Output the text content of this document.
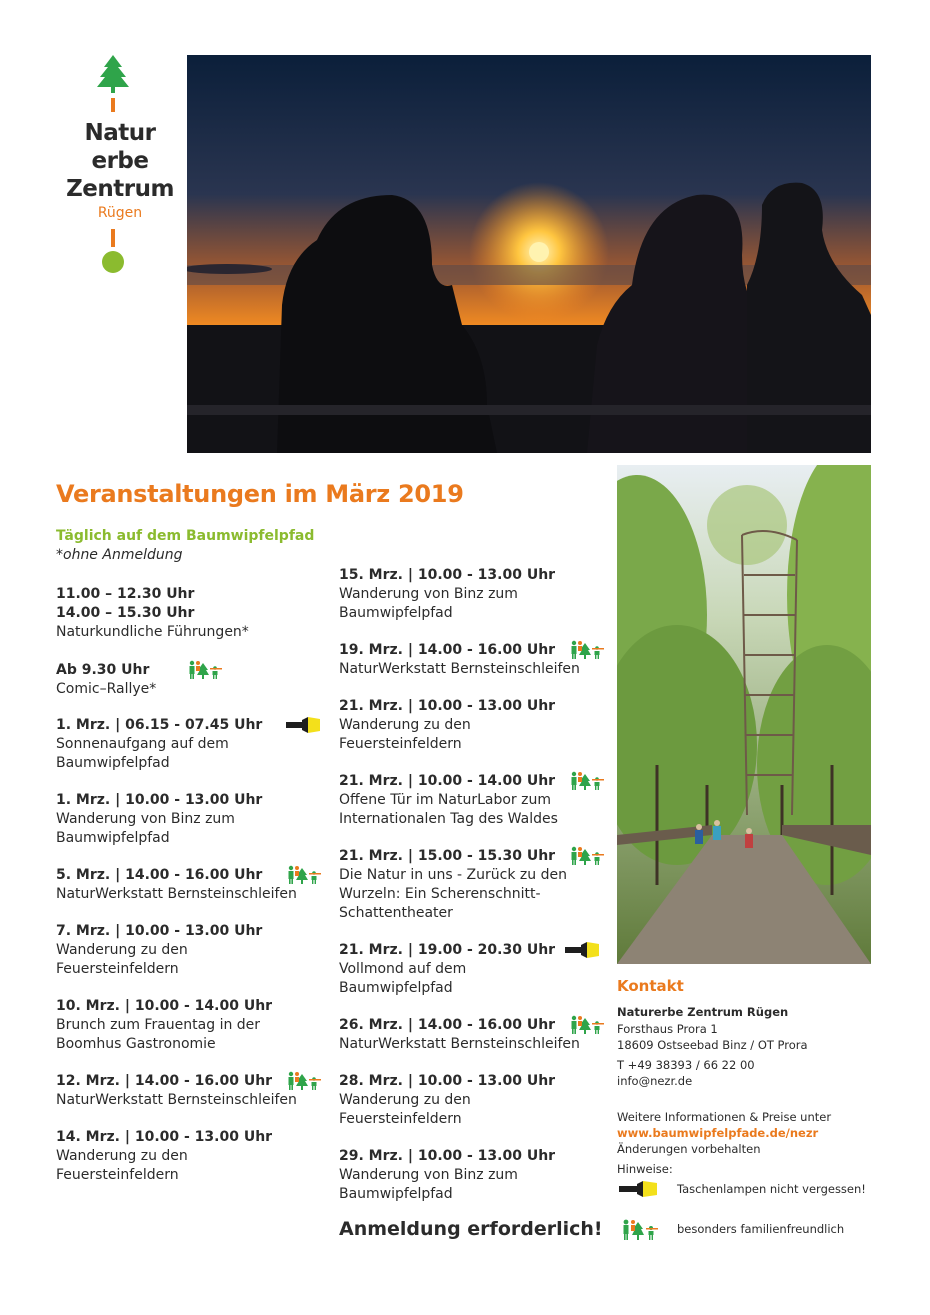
Natur
erbe
Zentrum
Rügen
Veranstaltungen im März 2019
Täglich auf dem Baumwipfelpfad
*ohne Anmeldung
11.00 – 12.30 Uhr
14.00 – 15.30 Uhr
Naturkundliche Führungen*
Ab 9.30 Uhr
Comic–Rallye*
1. Mrz. | 06.15 - 07.45 Uhr
Sonnenaufgang auf dem Baumwipfelpfad
1. Mrz. | 10.00 - 13.00 Uhr
Wanderung von Binz zum Baumwipfelpfad
5. Mrz. | 14.00 - 16.00 Uhr
NaturWerkstatt Bernsteinschleifen
7. Mrz. | 10.00 - 13.00 Uhr
Wanderung zu den Feuersteinfeldern
10. Mrz. | 10.00 - 14.00 Uhr
Brunch zum Frauentag in der Boomhus Gastronomie
12. Mrz. | 14.00 - 16.00 Uhr
NaturWerkstatt Bernsteinschleifen
14. Mrz. | 10.00 - 13.00 Uhr
Wanderung zu den Feuersteinfeldern
15. Mrz. | 10.00 - 13.00 Uhr
Wanderung von Binz zum Baumwipfelpfad
19. Mrz. | 14.00 - 16.00 Uhr
NaturWerkstatt Bernsteinschleifen
21. Mrz. | 10.00 - 13.00 Uhr
Wanderung zu den Feuersteinfeldern
21. Mrz. | 10.00 - 14.00 Uhr
Offene Tür im NaturLabor zum Internationalen Tag des Waldes
21. Mrz. | 15.00 - 15.30 Uhr
Die Natur in uns - Zurück zu den Wurzeln: Ein Scherenschnitt-Schattentheater
21. Mrz. | 19.00 - 20.30 Uhr
Vollmond auf dem Baumwipfelpfad
26. Mrz. | 14.00 - 16.00 Uhr
NaturWerkstatt Bernsteinschleifen
28. Mrz. | 10.00 - 13.00 Uhr
Wanderung zu den Feuersteinfeldern
29. Mrz. | 10.00 - 13.00 Uhr
Wanderung von Binz zum Baumwipfelpfad
Anmeldung erforderlich!
Kontakt
Naturerbe Zentrum Rügen
Forsthaus Prora 1
18609 Ostseebad Binz / OT Prora
T +49 38393 / 66 22 00
info@nezr.de
Weitere Informationen & Preise unter
www.baumwipfelpfade.de/nezr
Änderungen vorbehalten
Hinweise:
Taschenlampen nicht vergessen!
besonders familienfreundlich
